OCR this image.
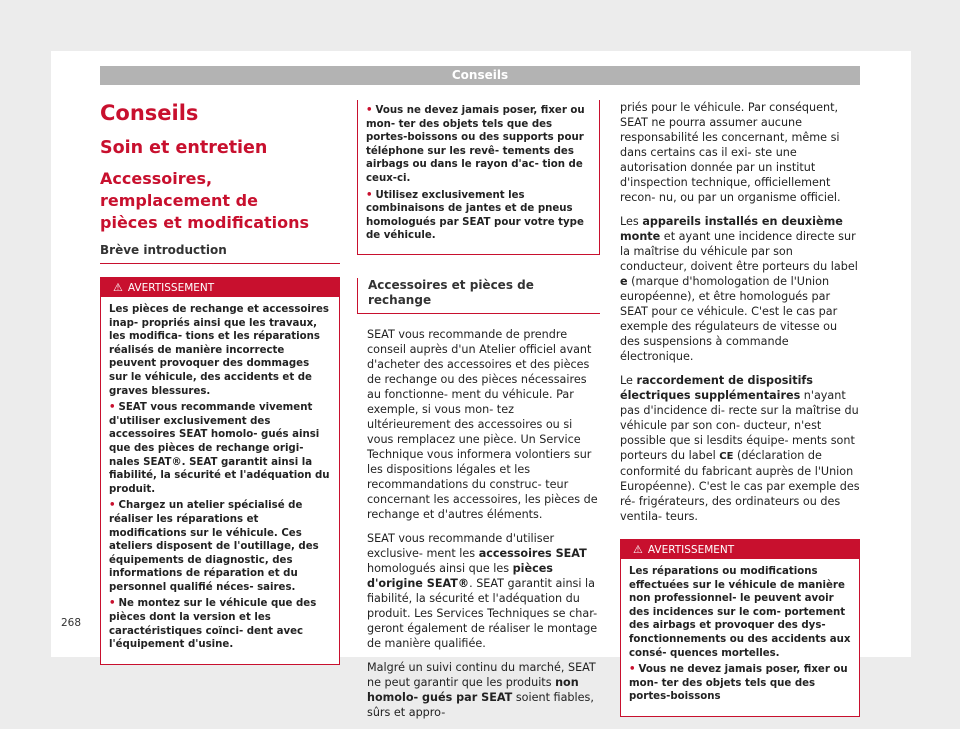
Conseils
Conseils
Soin et entretien
Accessoires, remplacement de
pièces et modifications
Brève introduction
⚠ AVERTISSEMENT

Les pièces de rechange et accessoires inap- propriés ainsi que les travaux, les modifica- tions et les réparations réalisés de manière incorrecte peuvent provoquer des dommages sur le véhicule, des accidents et de graves blessures.

• SEAT vous recommande vivement d'utiliser exclusivement des accessoires SEAT homolo- gués ainsi que des pièces de rechange origi- nales SEAT®. SEAT garantit ainsi la fiabilité, la sécurité et l'adéquation du produit.

• Chargez un atelier spécialisé de réaliser les réparations et modifications sur le véhicule. Ces ateliers disposent de l'outillage, des équipements de diagnostic, des informations de réparation et du personnel qualifié néces- saires.

• Ne montez sur le véhicule que des pièces dont la version et les caractéristiques coïnci- dent avec l'équipement d'usine.

• Vous ne devez jamais poser, fixer ou mon- ter des objets tels que des portes-boissons ou des supports pour téléphone sur les revê- tements des airbags ou dans le rayon d'ac- tion de ceux-ci.

• Utilisez exclusivement les combinaisons de jantes et de pneus homologués par SEAT pour votre type de véhicule.

Accessoires et pièces de rechange

SEAT vous recommande de prendre conseil auprès d'un Atelier officiel avant d'acheter des accessoires et des pièces de rechange ou des pièces nécessaires au fonctionne- ment du véhicule. Par exemple, si vous mon- tez ultérieurement des accessoires ou si vous remplacez une pièce. Un Service Technique vous informera volontiers sur les dispositions légales et les recommandations du construc- teur concernant les accessoires, les pièces de rechange et d'autres éléments.

SEAT vous recommande d'utiliser exclusive- ment les accessoires SEAT homologués ainsi que les pièces d'origine SEAT®. SEAT garantit ainsi la fiabilité, la sécurité et l'adéquation du produit. Les Services Techniques se char- geront également de réaliser le montage de manière qualifiée.

Malgré un suivi continu du marché, SEAT ne peut garantir que les produits non homolo- gués par SEAT soient fiables, sûrs et appro-

priés pour le véhicule. Par conséquent, SEAT ne pourra assumer aucune responsabilité les concernant, même si dans certains cas il exi- ste une autorisation donnée par un institut d'inspection technique, officiellement recon- nu, ou par un organisme officiel.

Les appareils installés en deuxième monte et ayant une incidence directe sur la maîtrise du véhicule par son conducteur, doivent être porteurs du label e (marque d'homologation de l'Union européenne), et être homologués par SEAT pour ce véhicule. C'est le cas par exemple des régulateurs de vitesse ou des suspensions à commande électronique.

Le raccordement de dispositifs électriques supplémentaires n'ayant pas d'incidence di- recte sur la maîtrise du véhicule par son con- ducteur, n'est possible que si lesdits équipe- ments sont porteurs du label CE (déclaration de conformité du fabricant auprès de l'Union Européenne). C'est le cas par exemple des ré- frigérateurs, des ordinateurs ou des ventila- teurs.

⚠ AVERTISSEMENT

Les réparations ou modifications effectuées sur le véhicule de manière non professionnel- le peuvent avoir des incidences sur le com- portement des airbags et provoquer des dys- fonctionnements ou des accidents aux consé- quences mortelles.

• Vous ne devez jamais poser, fixer ou mon- ter des objets tels que des portes-boissons

268
